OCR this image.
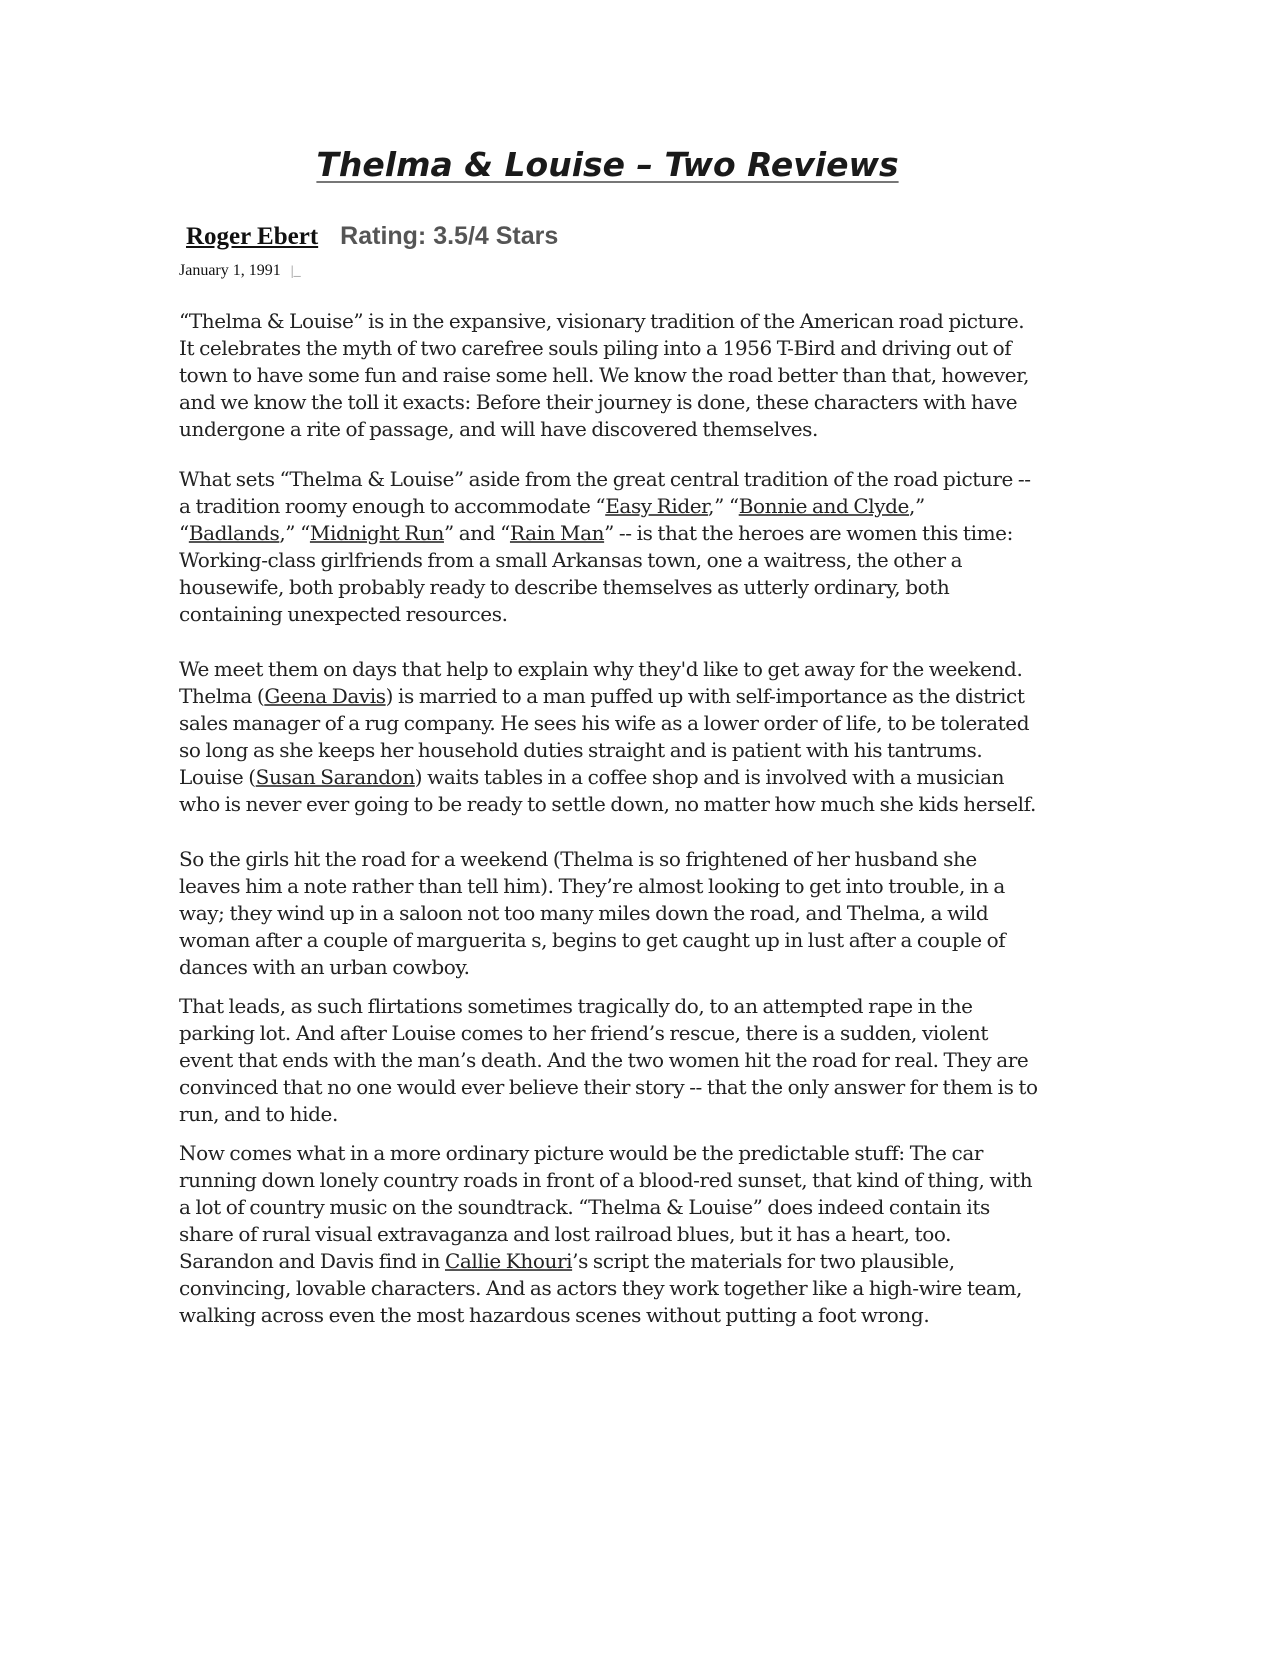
Thelma & Louise – Two Reviews
Roger Ebert Rating: 3.5/4 Stars
January 1, 1991 |_

“Thelma & Louise” is in the expansive, visionary tradition of the American road picture. It celebrates the myth of two carefree souls piling into a 1956 T-Bird and driving out of town to have some fun and raise some hell. We know the road better than that, however, and we know the toll it exacts: Before their journey is done, these characters with have undergone a rite of passage, and will have discovered themselves.

What sets “Thelma & Louise” aside from the great central tradition of the road picture -- a tradition roomy enough to accommodate “Easy Rider,” “Bonnie and Clyde,” “Badlands,” “Midnight Run” and “Rain Man” -- is that the heroes are women this time: Working-class girlfriends from a small Arkansas town, one a waitress, the other a housewife, both probably ready to describe themselves as utterly ordinary, both containing unexpected resources.

We meet them on days that help to explain why they'd like to get away for the weekend. Thelma (Geena Davis) is married to a man puffed up with self-importance as the district sales manager of a rug company. He sees his wife as a lower order of life, to be tolerated so long as she keeps her household duties straight and is patient with his tantrums. Louise (Susan Sarandon) waits tables in a coffee shop and is involved with a musician who is never ever going to be ready to settle down, no matter how much she kids herself.

So the girls hit the road for a weekend (Thelma is so frightened of her husband she leaves him a note rather than tell him). They’re almost looking to get into trouble, in a way; they wind up in a saloon not too many miles down the road, and Thelma, a wild woman after a couple of marguerita s, begins to get caught up in lust after a couple of dances with an urban cowboy.

That leads, as such flirtations sometimes tragically do, to an attempted rape in the parking lot. And after Louise comes to her friend’s rescue, there is a sudden, violent event that ends with the man’s death. And the two women hit the road for real. They are convinced that no one would ever believe their story -- that the only answer for them is to run, and to hide.

Now comes what in a more ordinary picture would be the predictable stuff: The car running down lonely country roads in front of a blood-red sunset, that kind of thing, with a lot of country music on the soundtrack. “Thelma & Louise” does indeed contain its share of rural visual extravaganza and lost railroad blues, but it has a heart, too. Sarandon and Davis find in Callie Khouri’s script the materials for two plausible, convincing, lovable characters. And as actors they work together like a high-wire team, walking across even the most hazardous scenes without putting a foot wrong.
